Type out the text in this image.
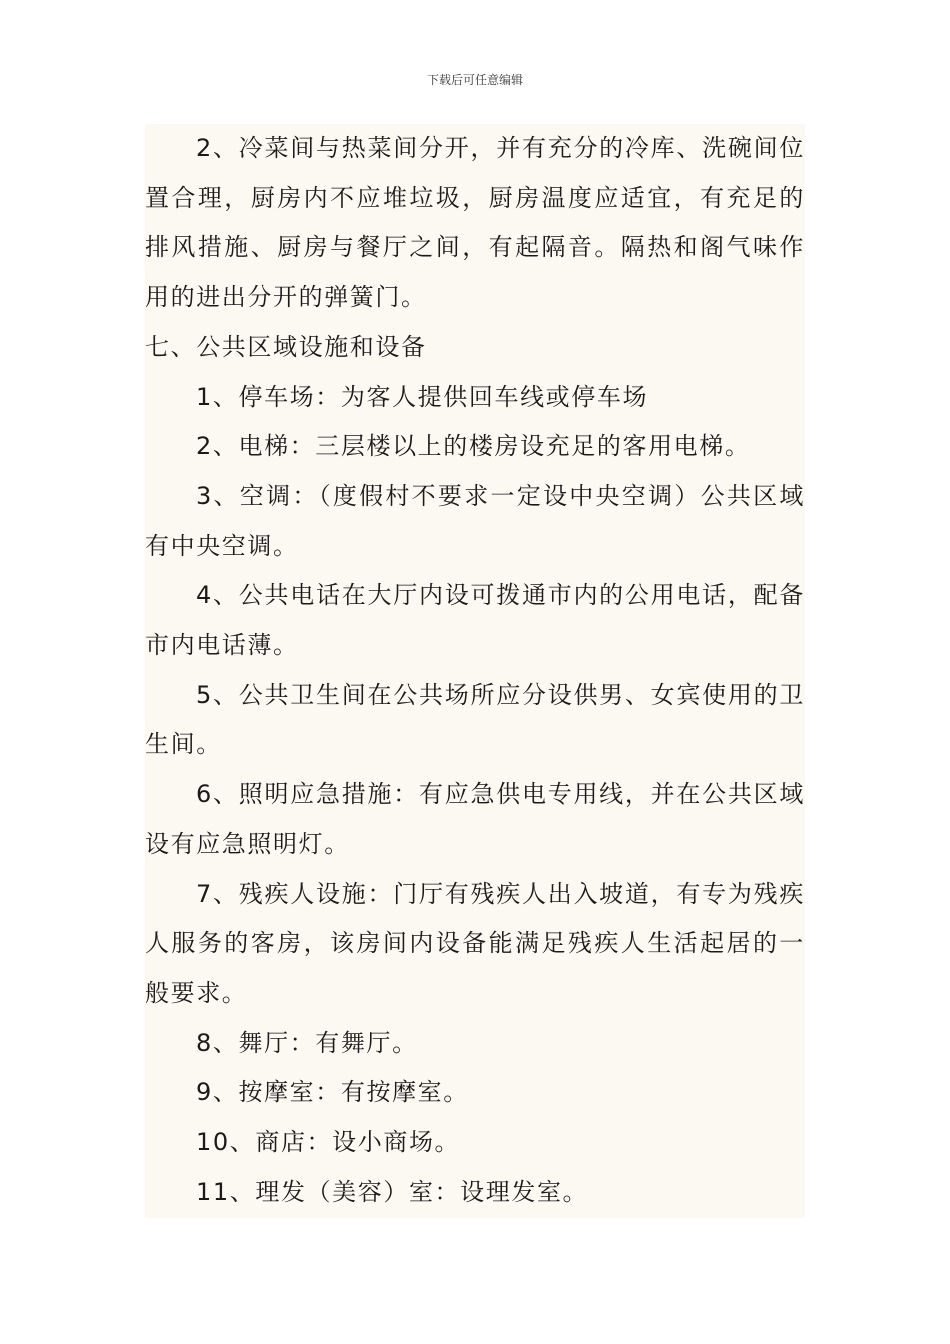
下载后可任意编辑

2、冷菜间与热菜间分开，并有充分的冷库、洗碗间位置合理，厨房内不应堆垃圾，厨房温度应适宜，有充足的排风措施、厨房与餐厅之间，有起隔音。隔热和阁气味作用的进出分开的弹簧门。

七、公共区域设施和设备

1、停车场：为客人提供回车线或停车场

2、电梯：三层楼以上的楼房设充足的客用电梯。

3、空调：（度假村不要求一定设中央空调）公共区域有中央空调。

4、公共电话在大厅内设可拨通市内的公用电话，配备市内电话薄。

5、公共卫生间在公共场所应分设供男、女宾使用的卫生间。

6、照明应急措施：有应急供电专用线，并在公共区域设有应急照明灯。

7、残疾人设施：门厅有残疾人出入坡道，有专为残疾人服务的客房，该房间内设备能满足残疾人生活起居的一般要求。

8、舞厅：有舞厅。

9、按摩室：有按摩室。

10、商店：设小商场。

11、理发（美容）室：设理发室。
